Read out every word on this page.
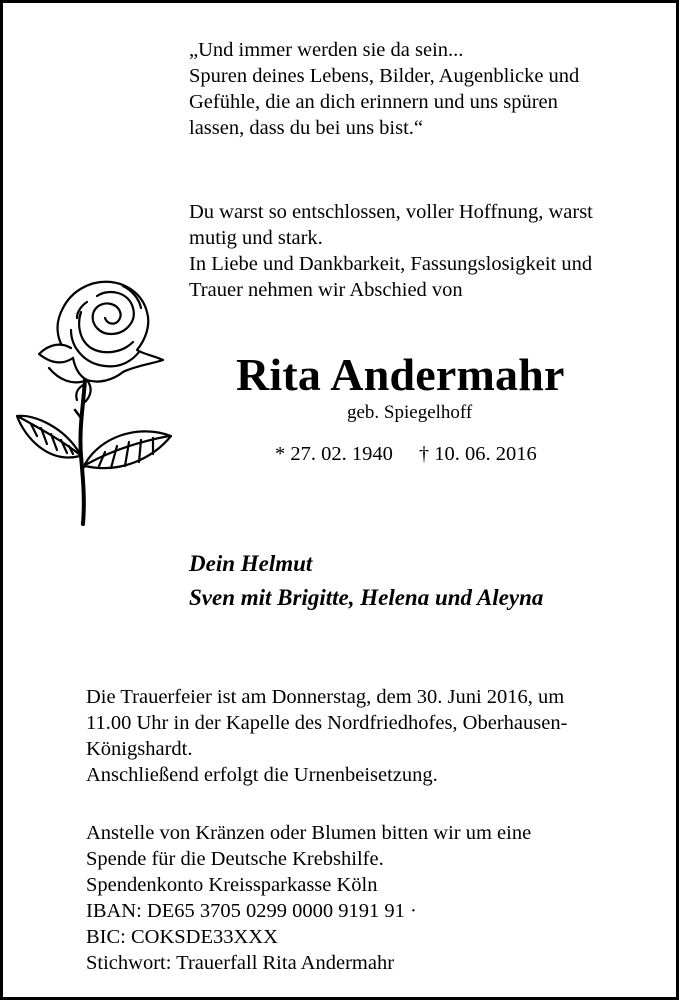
„Und immer werden sie da sein...
Spuren deines Lebens, Bilder, Augenblicke und
Gefühle, die an dich erinnern und uns spüren
lassen, dass du bei uns bist.“
Du warst so entschlossen, voller Hoffnung, warst
mutig und stark.
In Liebe und Dankbarkeit, Fassungslosigkeit und
Trauer nehmen wir Abschied von
Rita Andermahr
geb. Spiegelhoff
* 27. 02. 1940 † 10. 06. 2016
Dein Helmut
Sven mit Brigitte, Helena und Aleyna
Die Trauerfeier ist am Donnerstag, dem 30. Juni 2016, um
11.00 Uhr in der Kapelle des Nordfriedhofes, Oberhausen-
Königshardt.
Anschließend erfolgt die Urnenbeisetzung.
Anstelle von Kränzen oder Blumen bitten wir um eine
Spende für die Deutsche Krebshilfe.
Spendenkonto Kreissparkasse Köln
IBAN: DE65 3705 0299 0000 9191 91 ·
BIC: COKSDE33XXX
Stichwort: Trauerfall Rita Andermahr
